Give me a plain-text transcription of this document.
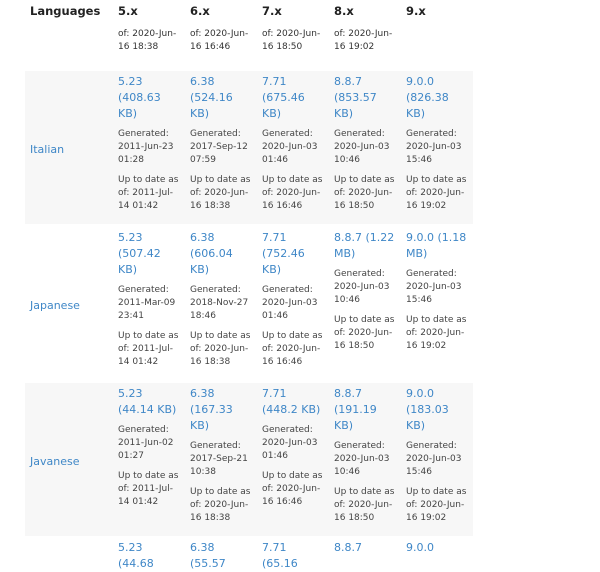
Languages	5.x	6.x	7.x	8.x	9.x
	of: 2020-Jun-16 18:38	of: 2020-Jun-16 16:46	of: 2020-Jun-16 18:50	of: 2020-Jun-16 19:02	

Italian	5.23 (408.63 KB)
Generated: 2011-Jun-23 01:28
Up to date as of: 2011-Jul-14 01:42	6.38 (524.16 KB)
Generated: 2017-Sep-12 07:59
Up to date as of: 2020-Jun-16 18:38	7.71 (675.46 KB)
Generated: 2020-Jun-03 01:46
Up to date as of: 2020-Jun-16 16:46	8.8.7 (853.57 KB)
Generated: 2020-Jun-03 10:46
Up to date as of: 2020-Jun-16 18:50	9.0.0 (826.38 KB)
Generated: 2020-Jun-03 15:46
Up to date as of: 2020-Jun-16 19:02

Japanese	5.23 (507.42 KB)
Generated: 2011-Mar-09 23:41
Up to date as of: 2011-Jul-14 01:42	6.38 (606.04 KB)
Generated: 2018-Nov-27 18:46
Up to date as of: 2020-Jun-16 18:38	7.71 (752.46 KB)
Generated: 2020-Jun-03 01:46
Up to date as of: 2020-Jun-16 16:46	8.8.7 (1.22 MB)
Generated: 2020-Jun-03 10:46
Up to date as of: 2020-Jun-16 18:50	9.0.0 (1.18 MB)
Generated: 2020-Jun-03 15:46
Up to date as of: 2020-Jun-16 19:02

Javanese	5.23 (44.14 KB)
Generated: 2011-Jun-02 01:27
Up to date as of: 2011-Jul-14 01:42	6.38 (167.33 KB)
Generated: 2017-Sep-21 10:38
Up to date as of: 2020-Jun-16 18:38	7.71 (448.2 KB)
Generated: 2020-Jun-03 01:46
Up to date as of: 2020-Jun-16 16:46	8.8.7 (191.19 KB)
Generated: 2020-Jun-03 10:46
Up to date as of: 2020-Jun-16 18:50	9.0.0 (183.03 KB)
Generated: 2020-Jun-03 15:46
Up to date as of: 2020-Jun-16 19:02

	5.23 (44.68	6.38 (55.57	7.71 (65.16	8.8.7	9.0.0
